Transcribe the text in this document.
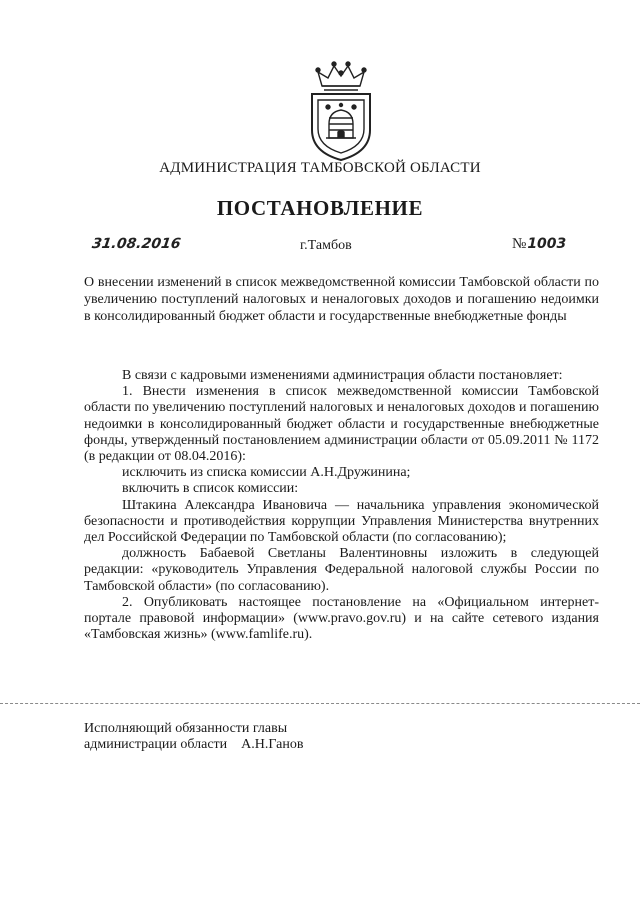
АДМИНИСТРАЦИЯ ТАМБОВСКОЙ ОБЛАСТИ
ПОСТАНОВЛЕНИЕ
31.08.2016	г.Тамбов	№1003
О внесении изменений в список межведомственной комиссии Тамбовской области по увеличению поступлений налоговых и неналоговых доходов и погашению недоимки в консолидированный бюджет области и государственные внебюджетные фонды

В связи с кадровыми изменениями администрация области постановляет:

1. Внести изменения в список межведомственной комиссии Тамбовской области по увеличению поступлений налоговых и неналоговых доходов и погашению недоимки в консолидированный бюджет области и государственные внебюджетные фонды, утвержденный постановлением администрации области от 05.09.2011 № 1172 (в редакции от 08.04.2016):

исключить из списка комиссии А.Н.Дружинина;

включить в список комиссии:

Штакина Александра Ивановича — начальника управления экономической безопасности и противодействия коррупции Управления Министерства внутренних дел Российской Федерации по Тамбовской области (по согласованию);

должность Бабаевой Светланы Валентиновны изложить в следующей редакции: «руководитель Управления Федеральной налоговой службы России по Тамбовской области» (по согласованию).

2. Опубликовать настоящее постановление на «Официальном интернет-портале правовой информации» (www.pravo.gov.ru) и на сайте сетевого издания «Тамбовская жизнь» (www.famlife.ru).

Исполняющий обязанности главы
администрации области А.Н.Ганов
